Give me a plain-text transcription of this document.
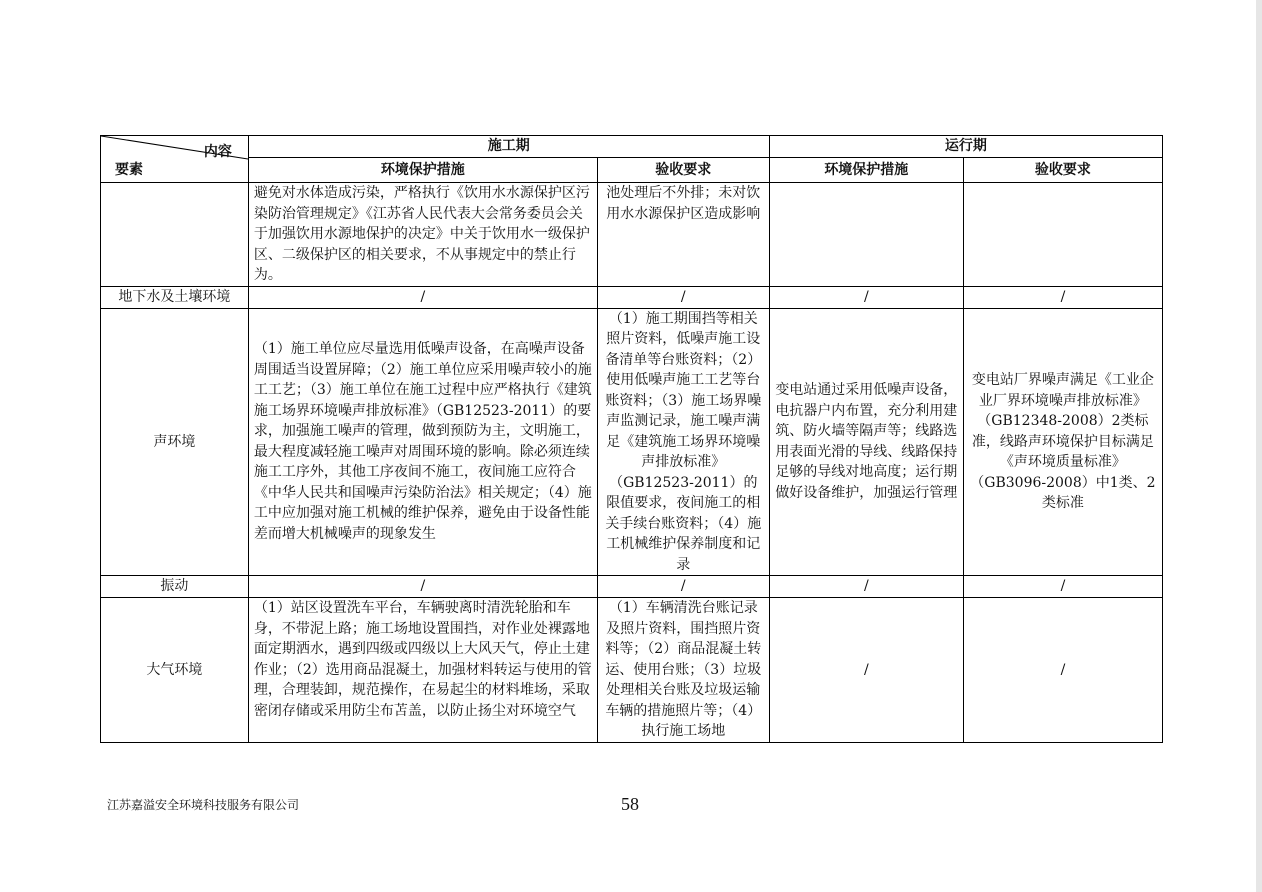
内容
要素	施工期		运行期	
	环境保护措施	验收要求	环境保护措施	验收要求
	避免对水体造成污染，严格执行《饮用水水源保护区污染防治管理规定》《江苏省人民代表大会常务委员会关于加强饮用水源地保护的决定》中关于饮用水一级保护区、二级保护区的相关要求，不从事规定中的禁止行为。	池处理后不外排；未对饮用水水源保护区造成影响		
地下水及土壤环境	/	/	/	/
声环境	（1）施工单位应尽量选用低噪声设备，在高噪声设备周围适当设置屏障；（2）施工单位应采用噪声较小的施工工艺；（3）施工单位在施工过程中应严格执行《建筑施工场界环境噪声排放标准》（GB12523-2011）的要求，加强施工噪声的管理，做到预防为主，文明施工，最大程度减轻施工噪声对周围环境的影响。除必须连续施工工序外，其他工序夜间不施工，夜间施工应符合《中华人民共和国噪声污染防治法》相关规定；（4）施工中应加强对施工机械的维护保养，避免由于设备性能差而增大机械噪声的现象发生	（1）施工期围挡等相关照片资料，低噪声施工设备清单等台账资料；（2）使用低噪声施工工艺等台账资料；（3）施工场界噪声监测记录，施工噪声满足《建筑施工场界环境噪声排放标准》（GB12523-2011）的限值要求，夜间施工的相关手续台账资料；（4）施工机械维护保养制度和记录	变电站通过采用低噪声设备，电抗器户内布置，充分利用建筑、防火墙等隔声等；线路选用表面光滑的导线、线路保持足够的导线对地高度；运行期做好设备维护，加强运行管理	变电站厂界噪声满足《工业企业厂界环境噪声排放标准》（GB12348-2008）2类标准，线路声环境保护目标满足《声环境质量标准》（GB3096-2008）中1类、2类标准
振动	/	/	/	/
大气环境	（1）站区设置洗车平台，车辆驶离时清洗轮胎和车身，不带泥上路；施工场地设置围挡，对作业处裸露地面定期洒水，遇到四级或四级以上大风天气，停止土建作业；（2）选用商品混凝土，加强材料转运与使用的管理，合理装卸，规范操作，在易起尘的材料堆场，采取密闭存储或采用防尘布苫盖，以防止扬尘对环境空气	（1）车辆清洗台账记录及照片资料，围挡照片资料等；（2）商品混凝土转运、使用台账；（3）垃圾处理相关台账及垃圾运输车辆的措施照片等；（4）执行施工场地	/	/
江苏嘉溢安全环境科技服务有限公司	58
